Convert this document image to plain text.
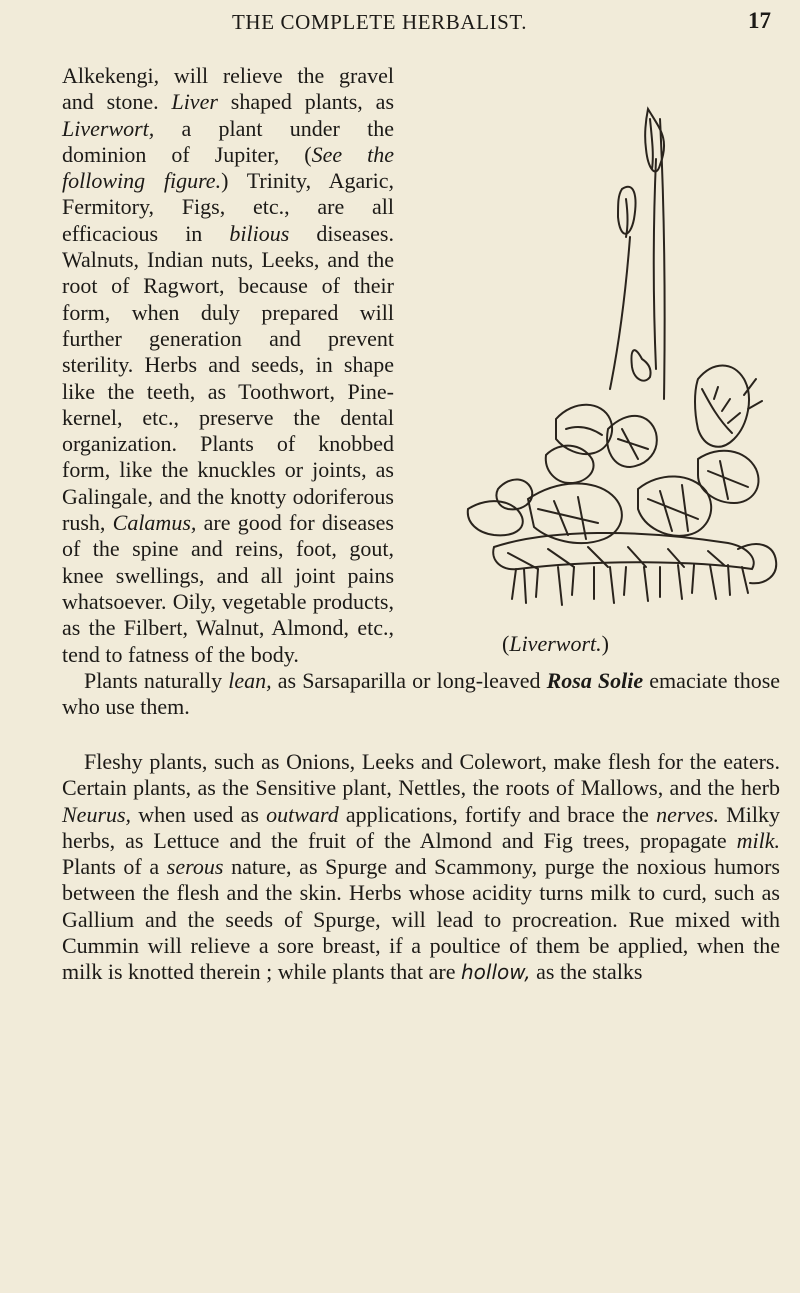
THE COMPLETE HERBALIST.	17
(Liverwort.)

Alkekengi, will relieve the gravel and stone. Liver shaped plants, as Liverwort, a plant under the dominion of Jupiter, (See the following figure.) Trinity, Agaric, Fermitory, Figs, etc., are all efficacious in bilious diseases. Walnuts, Indian nuts, Leeks, and the root of Ragwort, because of their form, when duly prepared will further generation and prevent sterility. Herbs and seeds, in shape like the teeth, as Toothwort, Pine-kernel, etc., preserve the dental organization. Plants of knobbed form, like the knuckles or joints, as Galingale, and the knotty odoriferous rush, Calamus, are good for diseases of the spine and reins, foot, gout, knee swellings, and all joint pains whatsoever. Oily, vegetable products, as the Filbert, Walnut, Almond, etc., tend to fatness of the body.

Plants naturally lean, as Sarsaparilla or long-leaved Rosa Solie emaciate those who use them.

Fleshy plants, such as Onions, Leeks and Colewort, make flesh for the eaters. Certain plants, as the Sensitive plant, Nettles, the roots of Mallows, and the herb Neurus, when used as outward applications, fortify and brace the nerves. Milky herbs, as Lettuce and the fruit of the Almond and Fig trees, propagate milk. Plants of a serous nature, as Spurge and Scammony, purge the noxious humors between the flesh and the skin. Herbs whose acidity turns milk to curd, such as Gallium and the seeds of Spurge, will lead to procreation. Rue mixed with Cummin will relieve a sore breast, if a poultice of them be applied, when the milk is knotted therein ; while plants that are hollow, as the stalks
